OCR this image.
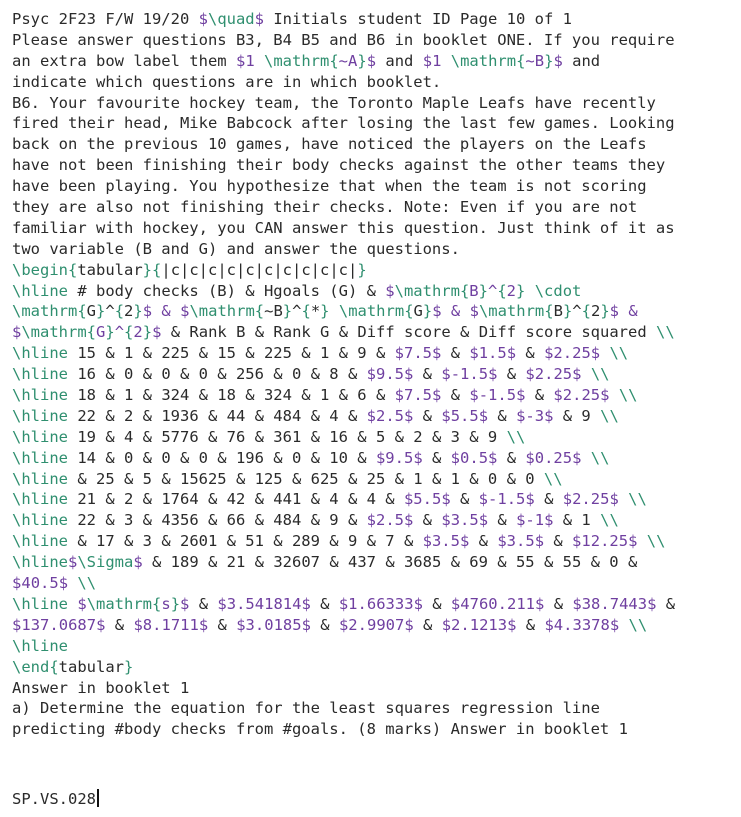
Psyc 2F23 F/W 19/20 $\quad$ Initials student ID Page 10 of 1
Please answer questions B3, B4 B5 and B6 in booklet ONE. If you require
an extra bow label them $1 \mathrm{~A}$ and $1 \mathrm{~B}$ and
indicate which questions are in which booklet.
B6. Your favourite hockey team, the Toronto Maple Leafs have recently
fired their head, Mike Babcock after losing the last few games. Looking
back on the previous 10 games, have noticed the players on the Leafs
have not been finishing their body checks against the other teams they
have been playing. You hypothesize that when the team is not scoring
they are also not finishing their checks. Note: Even if you are not
familiar with hockey, you CAN answer this question. Just think of it as
two variable (B and G) and answer the questions.
\begin{tabular}{|c|c|c|c|c|c|c|c|c|c|}
\hline # body checks (B) & Hgoals (G) & $\mathrm{B}^{2} \cdot
\mathrm{G}^{2}$ & $\mathrm{~B}^{*} \mathrm{G}$ & $\mathrm{B}^{2}$ &
$\mathrm{G}^{2}$ & Rank B & Rank G & Diff score & Diff score squared \\
\hline 15 & 1 & 225 & 15 & 225 & 1 & 9 & $7.5$ & $1.5$ & $2.25$ \\
\hline 16 & 0 & 0 & 0 & 256 & 0 & 8 & $9.5$ & $-1.5$ & $2.25$ \\
\hline 18 & 1 & 324 & 18 & 324 & 1 & 6 & $7.5$ & $-1.5$ & $2.25$ \\
\hline 22 & 2 & 1936 & 44 & 484 & 4 & $2.5$ & $5.5$ & $-3$ & 9 \\
\hline 19 & 4 & 5776 & 76 & 361 & 16 & 5 & 2 & 3 & 9 \\
\hline 14 & 0 & 0 & 0 & 196 & 0 & 10 & $9.5$ & $0.5$ & $0.25$ \\
\hline & 25 & 5 & 15625 & 125 & 625 & 25 & 1 & 1 & 0 & 0 \\
\hline 21 & 2 & 1764 & 42 & 441 & 4 & 4 & $5.5$ & $-1.5$ & $2.25$ \\
\hline 22 & 3 & 4356 & 66 & 484 & 9 & $2.5$ & $3.5$ & $-1$ & 1 \\
\hline & 17 & 3 & 2601 & 51 & 289 & 9 & 7 & $3.5$ & $3.5$ & $12.25$ \\
\hline$\Sigma$ & 189 & 21 & 32607 & 437 & 3685 & 69 & 55 & 55 & 0 &
$40.5$ \\
\hline $\mathrm{s}$ & $3.541814$ & $1.66333$ & $4760.211$ & $38.7443$ &
$137.0687$ & $8.1711$ & $3.0185$ & $2.9907$ & $2.1213$ & $4.3378$ \\
\hline
\end{tabular}
Answer in booklet 1
a) Determine the equation for the least squares regression line
predicting #body checks from #goals. (8 marks) Answer in booklet 1
SP.VS.028
